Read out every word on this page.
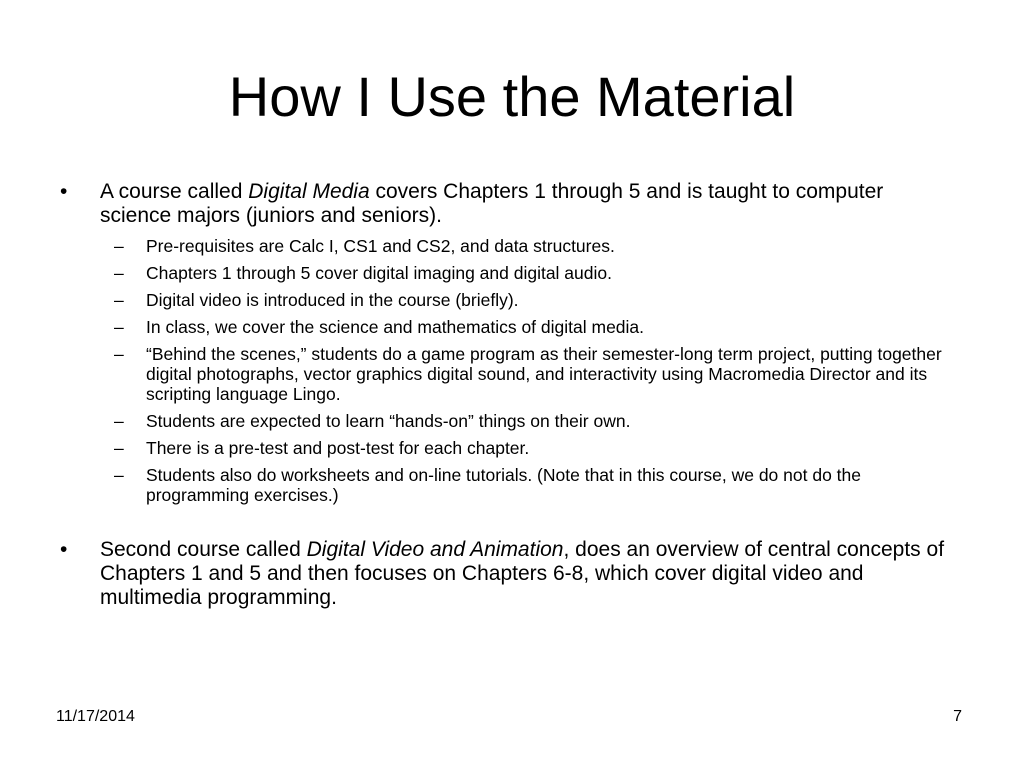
How I Use the Material
• A course called Digital Media covers Chapters 1 through 5 and is taught to computer science majors (juniors and seniors).
– Pre-requisites are Calc I, CS1 and CS2, and data structures.
– Chapters 1 through 5 cover digital imaging and digital audio.
– Digital video is introduced in the course (briefly).
– In class, we cover the science and mathematics of digital media.
– “Behind the scenes,” students do a game program as their semester-long term project, putting together digital photographs, vector graphics digital sound, and interactivity using Macromedia Director and its scripting language Lingo.
– Students are expected to learn “hands-on” things on their own.
– There is a pre-test and post-test for each chapter.
– Students also do worksheets and on-line tutorials. (Note that in this course, we do not do the programming exercises.)
• Second course called Digital Video and Animation, does an overview of central concepts of Chapters 1 and 5 and then focuses on Chapters 6-8, which cover digital video and multimedia programming.
11/17/2014	7
